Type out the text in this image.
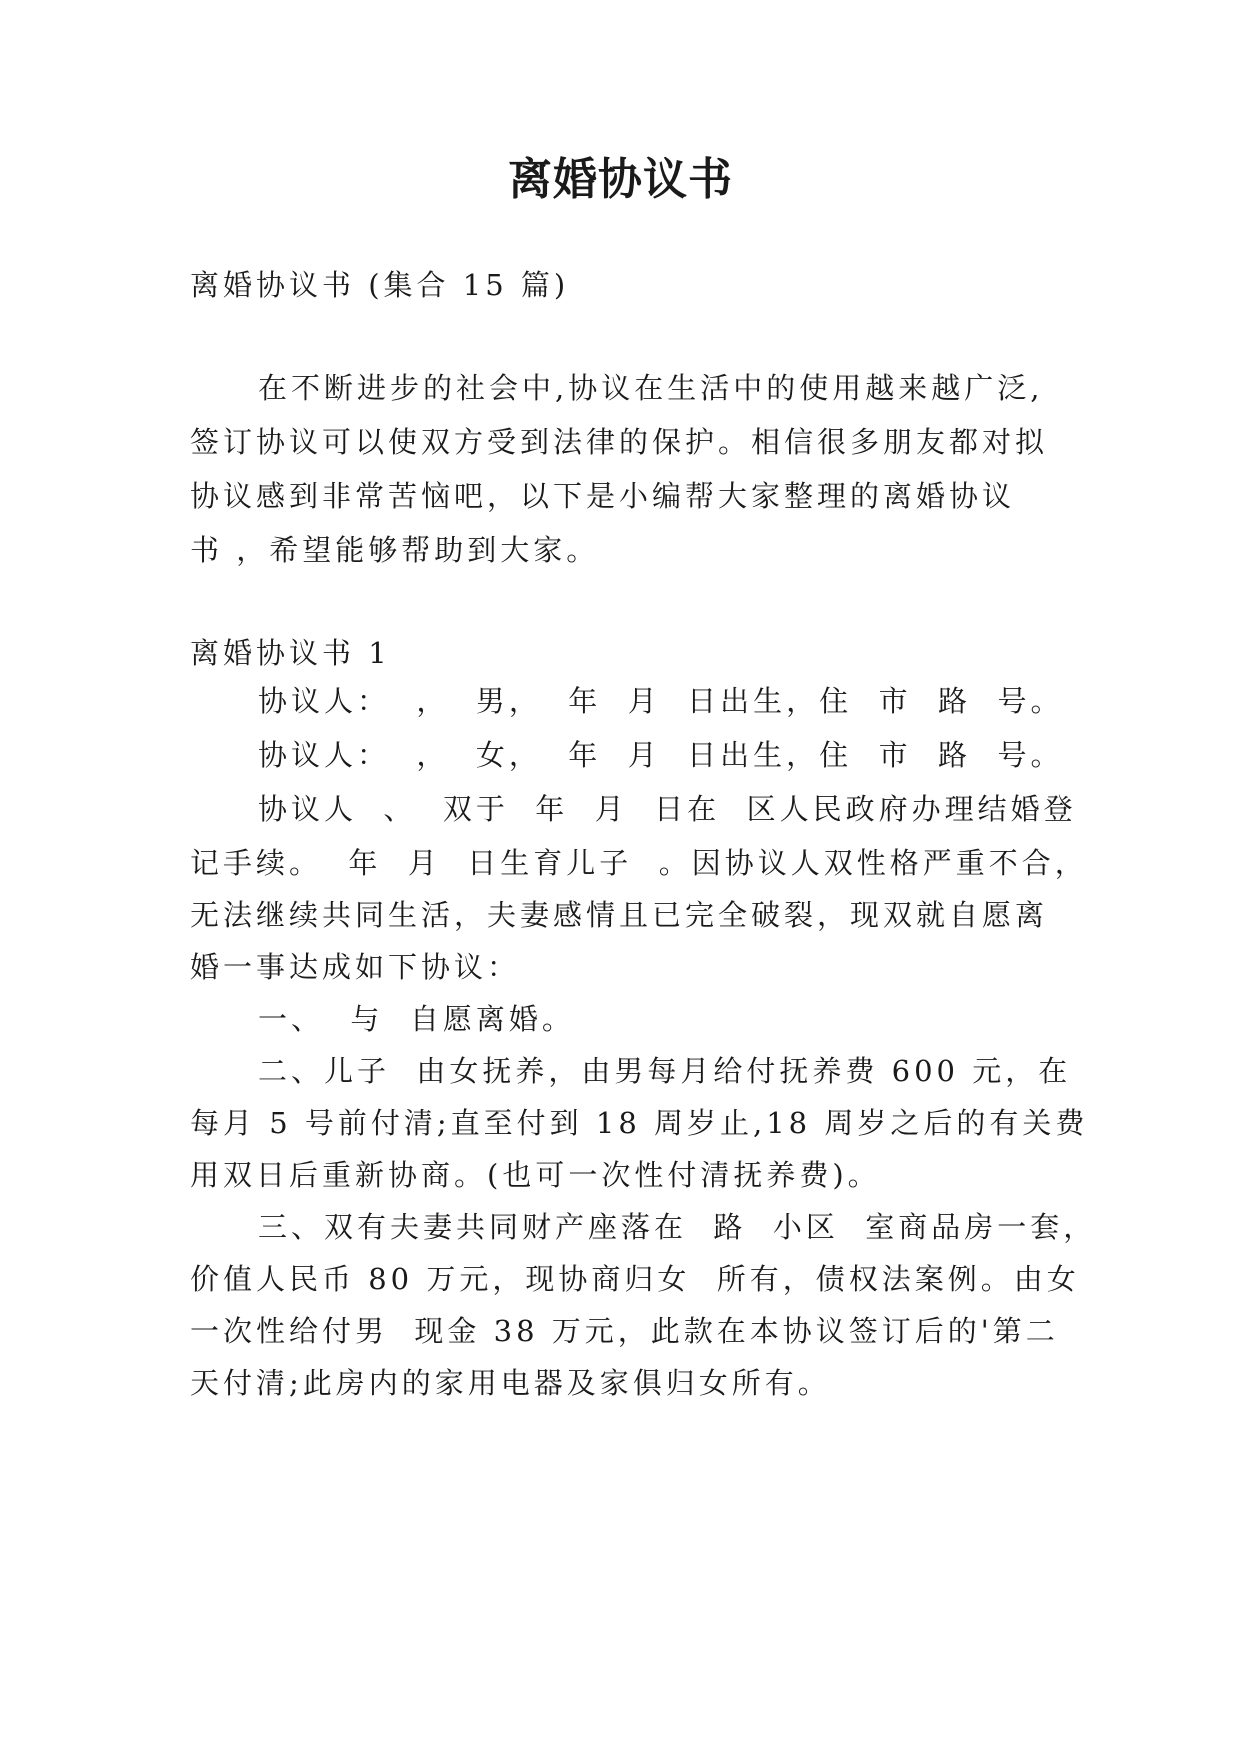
离婚协议书

离婚协议书 (集合 15 篇)

在不断进步的社会中,协议在生活中的使用越来越广泛,

签订协议可以使双方受到法律的保护。相信很多朋友都对拟

协议感到非常苦恼吧，以下是小编帮大家整理的离婚协议

书 ，希望能够帮助到大家。

离婚协议书 1

协议人：  ，  男，  年  月  日出生，住  市  路  号。

协议人：  ，  女，  年  月  日出生，住  市  路  号。

协议人  、  双于  年  月  日在  区人民政府办理结婚登

记手续。  年  月  日生育儿子  。因协议人双性格严重不合，

无法继续共同生活，夫妻感情且已完全破裂，现双就自愿离

婚一事达成如下协议：

一、  与  自愿离婚。

二、儿子  由女抚养，由男每月给付抚养费 600 元，在

每月 5 号前付清;直至付到 18 周岁止,18 周岁之后的有关费

用双日后重新协商。(也可一次性付清抚养费)。

三、双有夫妻共同财产座落在  路  小区  室商品房一套，

价值人民币 80 万元，现协商归女  所有，债权法案例。由女

一次性给付男  现金 38 万元，此款在本协议签订后的'第二

天付清;此房内的家用电器及家俱归女所有。
